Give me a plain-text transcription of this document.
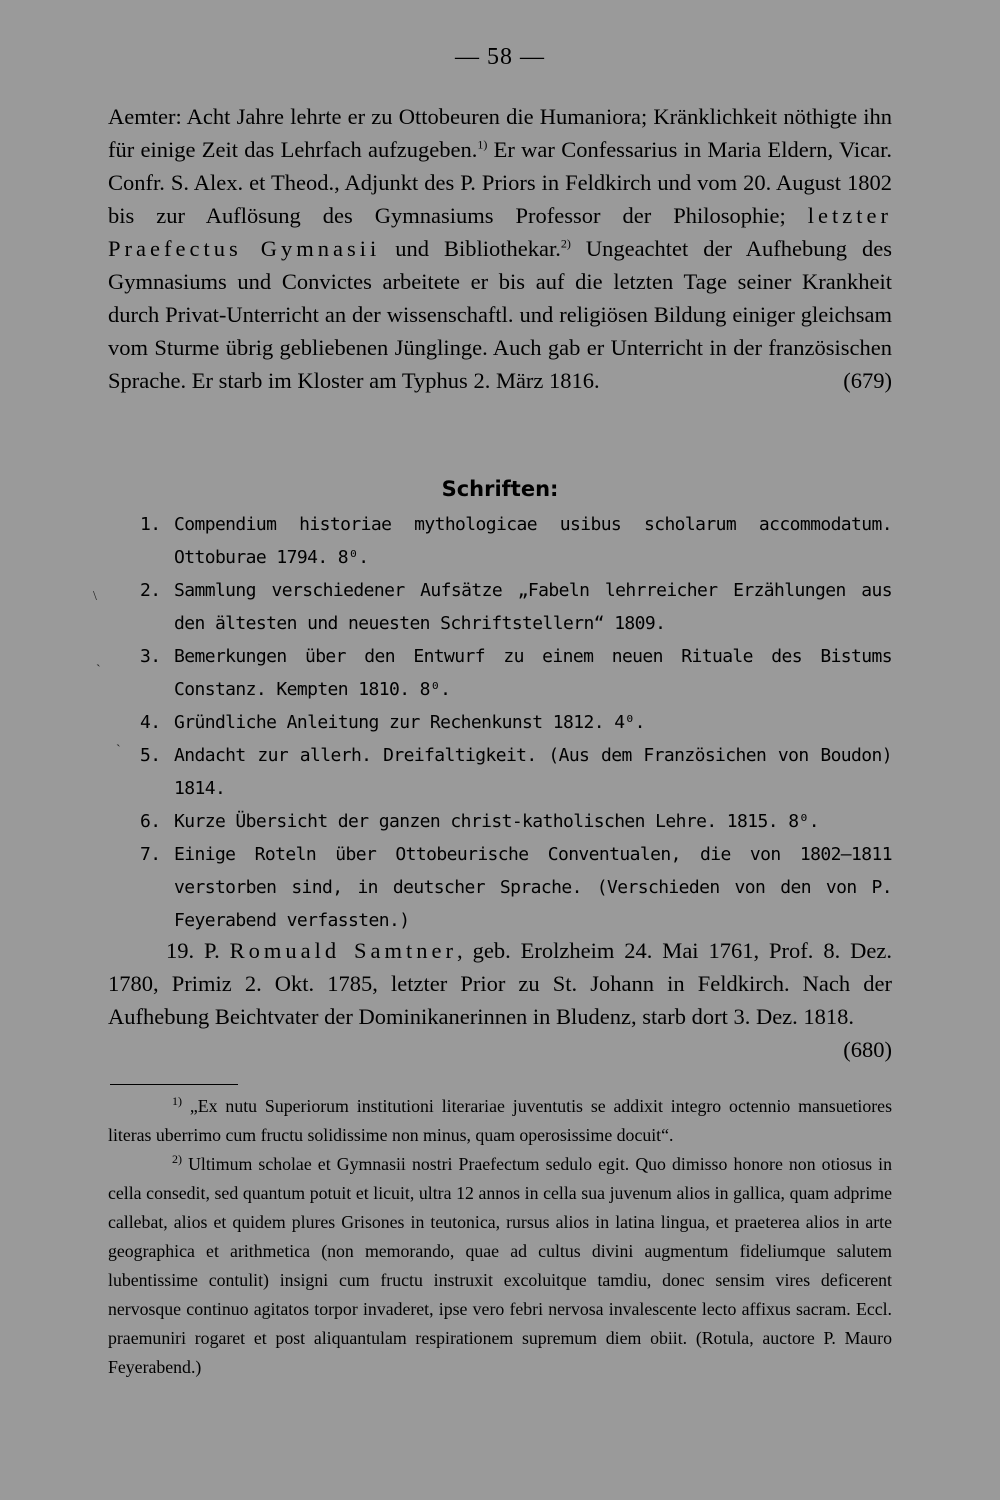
— 58 —

Aemter: Acht Jahre lehrte er zu Ottobeuren die Humaniora; Kränklichkeit nöthigte ihn für einige Zeit das Lehrfach aufzugeben.$^{1)}$ Er war Confessarius in Maria Eldern, Vicar. Confr. S. Alex. et Theod., Adjunkt des P. Priors in Feldkirch und vom 20. August 1802 bis zur Auflösung des Gymnasiums Professor der Philosophie; letzter Praefectus Gymnasii und Bibliothekar.$^{2)}$ Ungeachtet der Aufhebung des Gymnasiums und Convictes arbeitete er bis auf die letzten Tage seiner Krankheit durch Privat-Unterricht an der wissenschaftl. und religiösen Bildung einiger gleichsam vom Sturme übrig gebliebenen Jünglinge. Auch gab er Unterricht in der französischen Sprache. Er starb im Kloster am Typhus 2. März 1816.	(679)

Schriften:

1. Compendium historiae mythologicae usibus scholarum accommodatum. Ottoburae 1794. 8⁰.

2. Sammlung verschiedener Aufsätze „Fabeln lehrreicher Erzählungen aus den ältesten und neuesten Schriftstellern“ 1809.

3. Bemerkungen über den Entwurf zu einem neuen Rituale des Bistums Constanz. Kempten 1810. 8⁰.

4. Gründliche Anleitung zur Rechenkunst 1812. 4⁰.

5. Andacht zur allerh. Dreifaltigkeit. (Aus dem Französichen von Boudon) 1814.

6. Kurze Übersicht der ganzen christ-katholischen Lehre. 1815. 8⁰.

7. Einige Roteln über Ottobeurische Conventualen, die von 1802—1811 verstorben sind, in deutscher Sprache. (Verschieden von den von P. Feyerabend verfassten.)

19. P. Romuald Samtner, geb. Erolzheim 24. Mai 1761, Prof. 8. Dez. 1780, Primiz 2. Okt. 1785, letzter Prior zu St. Johann in Feldkirch. Nach der Aufhebung Beichtvater der Dominikanerinnen in Bludenz, starb dort 3. Dez. 1818.
(680)

$^{1)}$ „Ex nutu Superiorum institutioni literariae juventutis se addixit integro octennio mansuetiores literas uberrimo cum fructu solidissime non minus, quam operosissime docuit“.

$^{2)}$ Ultimum scholae et Gymnasii nostri Praefectum sedulo egit. Quo dimisso honore non otiosus in cella consedit, sed quantum potuit et licuit, ultra 12 annos in cella sua juvenum alios in gallica, quam adprime callebat, alios et quidem plures Grisones in teutonica, rursus alios in latina lingua, et praeterea alios in arte geographica et arithmetica (non memorando, quae ad cultus divini augmentum fideliumque salutem lubentissime contulit) insigni cum fructu instruxit excoluitque tamdiu, donec sensim vires deficerent nervosque continuo agitatos torpor invaderet, ipse vero febri nervosa invalescente lecto affixus sacram. Eccl. praemuniri rogaret et post aliquantulam respirationem supremum diem obiit. (Rotula, auctore P. Mauro Feyerabend.)

\
`
`
